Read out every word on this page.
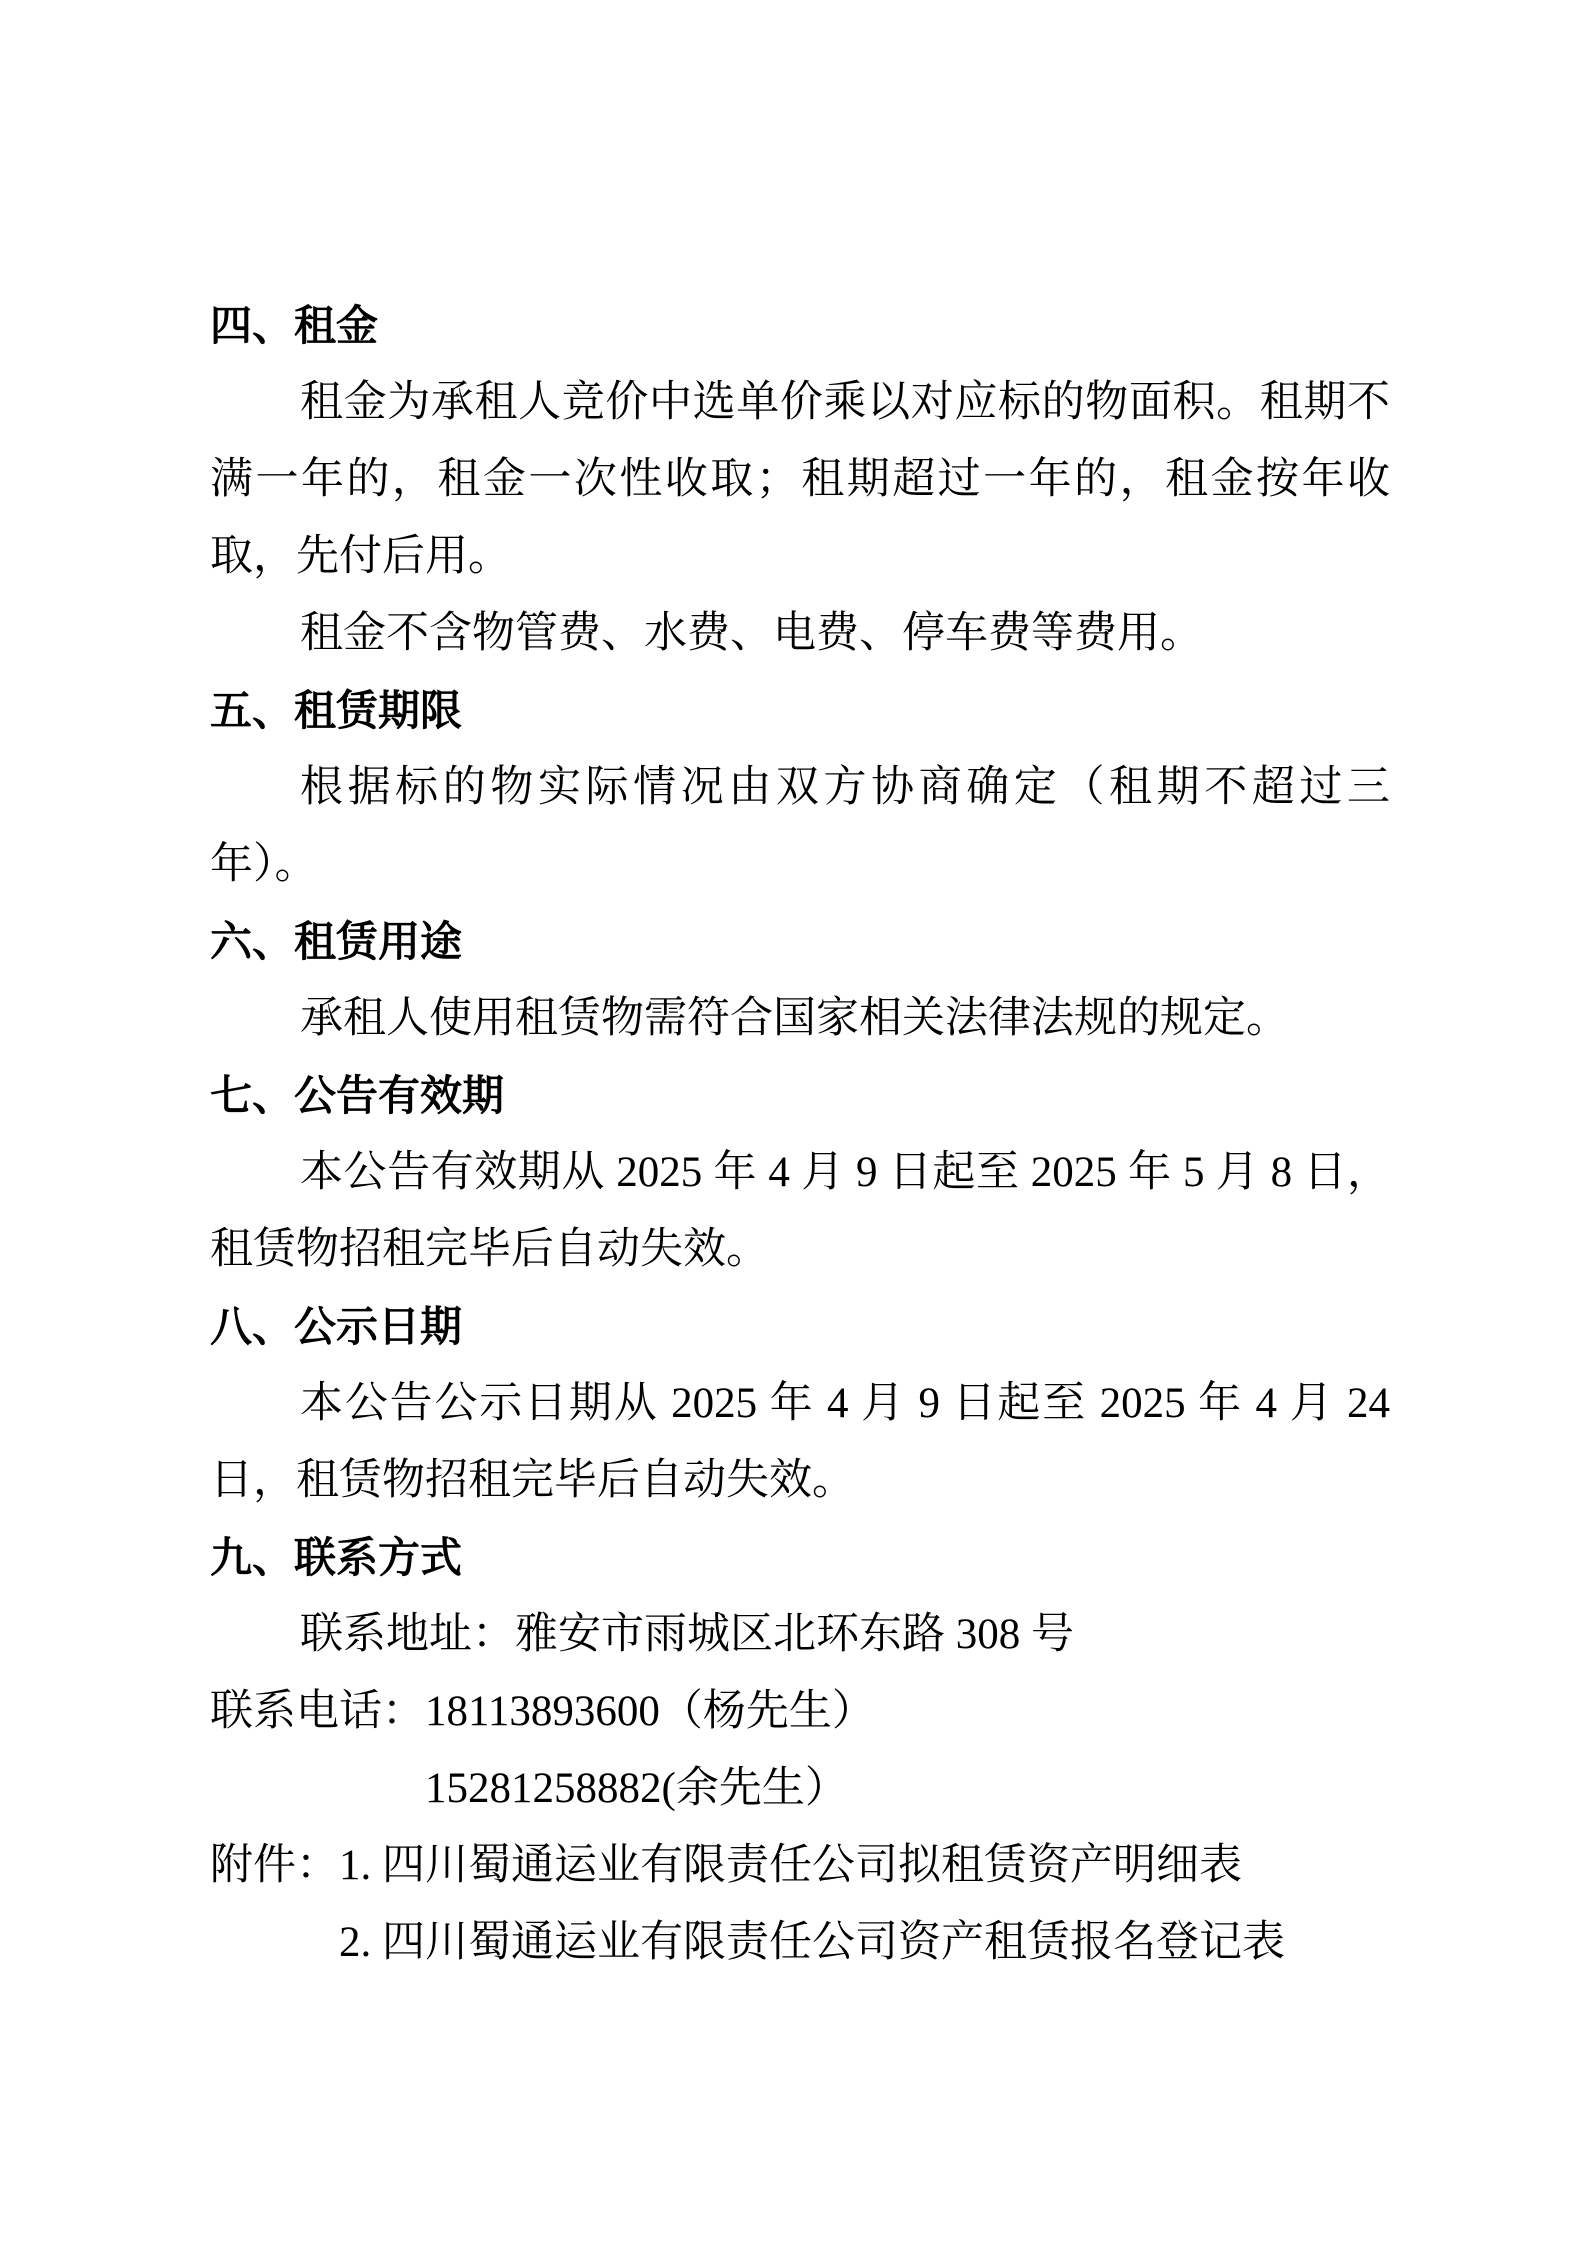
四、租金

租金为承租人竞价中选单价乘以对应标的物面积。租期不满一年的，租金一次性收取；租期超过一年的，租金按年收取，先付后用。

租金不含物管费、水费、电费、停车费等费用。

五、租赁期限

根据标的物实际情况由双方协商确定（租期不超过三年）。

六、租赁用途

承租人使用租赁物需符合国家相关法律法规的规定。

七、公告有效期

本公告有效期从 2025 年 4 月 9 日起至 2025 年 5 月 8 日，租赁物招租完毕后自动失效。

八、公示日期

本公告公示日期从 2025 年 4 月 9 日起至 2025 年 4 月 24 日，租赁物招租完毕后自动失效。

九、联系方式

联系地址：雅安市雨城区北环东路 308 号

联系电话： 18113893600（杨先生）
15281258882(余先生）
附件： 1. 四川蜀通运业有限责任公司拟租赁资产明细表
2. 四川蜀通运业有限责任公司资产租赁报名登记表
